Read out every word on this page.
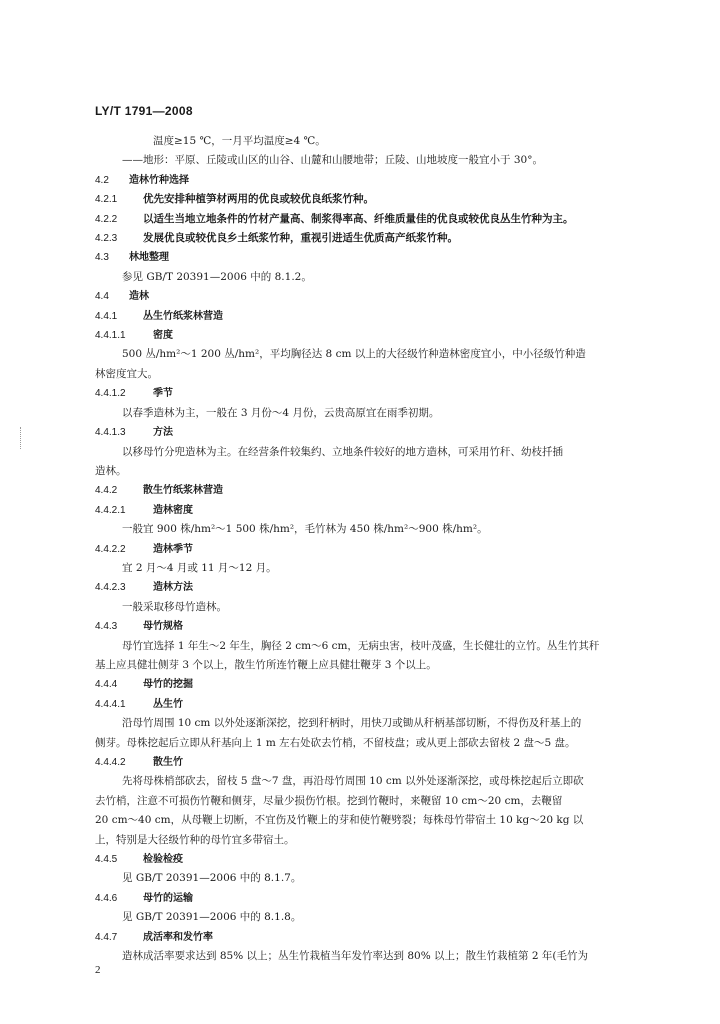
LY/T 1791—2008
温度≥15 ℃，一月平均温度≥4 ℃。
——地形：平原、丘陵或山区的山谷、山麓和山腰地带；丘陵、山地坡度一般宜小于 30°。
4.2 造林竹种选择
4.2.1 优先安排种植笋材两用的优良或较优良纸浆竹种。
4.2.2 以适生当地立地条件的竹材产量高、制浆得率高、纤维质量佳的优良或较优良丛生竹种为主。
4.2.3 发展优良或较优良乡土纸浆竹种，重视引进适生优质高产纸浆竹种。
4.3 林地整理
参见 GB/T 20391—2006 中的 8.1.2。
4.4 造林
4.4.1	丛生竹纸浆林营造
4.4.1.1	密度
500 丛/hm²～1 200 丛/hm²，平均胸径达 8 cm 以上的大径级竹种造林密度宜小，中小径级竹种造
林密度宜大。
4.4.1.2	季节
以春季造林为主，一般在 3 月份～4 月份，云贵高原宜在雨季初期。
4.4.1.3	方法
以移母竹分兜造林为主。在经营条件较集约、立地条件较好的地方造林，可采用竹秆、幼枝扦插
造林。
4.4.2	散生竹纸浆林营造
4.4.2.1	造林密度
一般宜 900 株/hm²～1 500 株/hm²，毛竹林为 450 株/hm²～900 株/hm²。
4.4.2.2	造林季节
宜 2 月～4 月或 11 月～12 月。
4.4.2.3	造林方法
一般采取移母竹造林。
4.4.3	母竹规格
母竹宜选择 1 年生～2 年生，胸径 2 cm～6 cm，无病虫害，枝叶茂盛，生长健壮的立竹。丛生竹其秆
基上应具健壮侧芽 3 个以上，散生竹所连竹鞭上应具健壮鞭芽 3 个以上。
4.4.4	母竹的挖掘
4.4.4.1	丛生竹
沿母竹周围 10 cm 以外处逐渐深挖，挖到秆柄时，用快刀或锄从秆柄基部切断，不得伤及秆基上的
侧芽。母株挖起后立即从秆基向上 1 m 左右处砍去竹梢，不留枝盘；或从更上部砍去留枝 2 盘～5 盘。
4.4.4.2	散生竹
先将母株梢部砍去，留枝 5 盘～7 盘，再沿母竹周围 10 cm 以外处逐渐深挖，或母株挖起后立即砍
去竹梢，注意不可损伤竹鞭和侧芽，尽量少损伤竹根。挖到竹鞭时，来鞭留 10 cm～20 cm，去鞭留
20 cm～40 cm，从母鞭上切断，不宜伤及竹鞭上的芽和使竹鞭劈裂；每株母竹带宿土 10 kg～20 kg 以
上，特别是大径级竹种的母竹宜多带宿土。
4.4.5	检验检疫
见 GB/T 20391—2006 中的 8.1.7。
4.4.6	母竹的运输
见 GB/T 20391—2006 中的 8.1.8。
4.4.7	成活率和发竹率
造林成活率要求达到 85% 以上；丛生竹栽植当年发竹率达到 80% 以上；散生竹栽植第 2 年(毛竹为
2
